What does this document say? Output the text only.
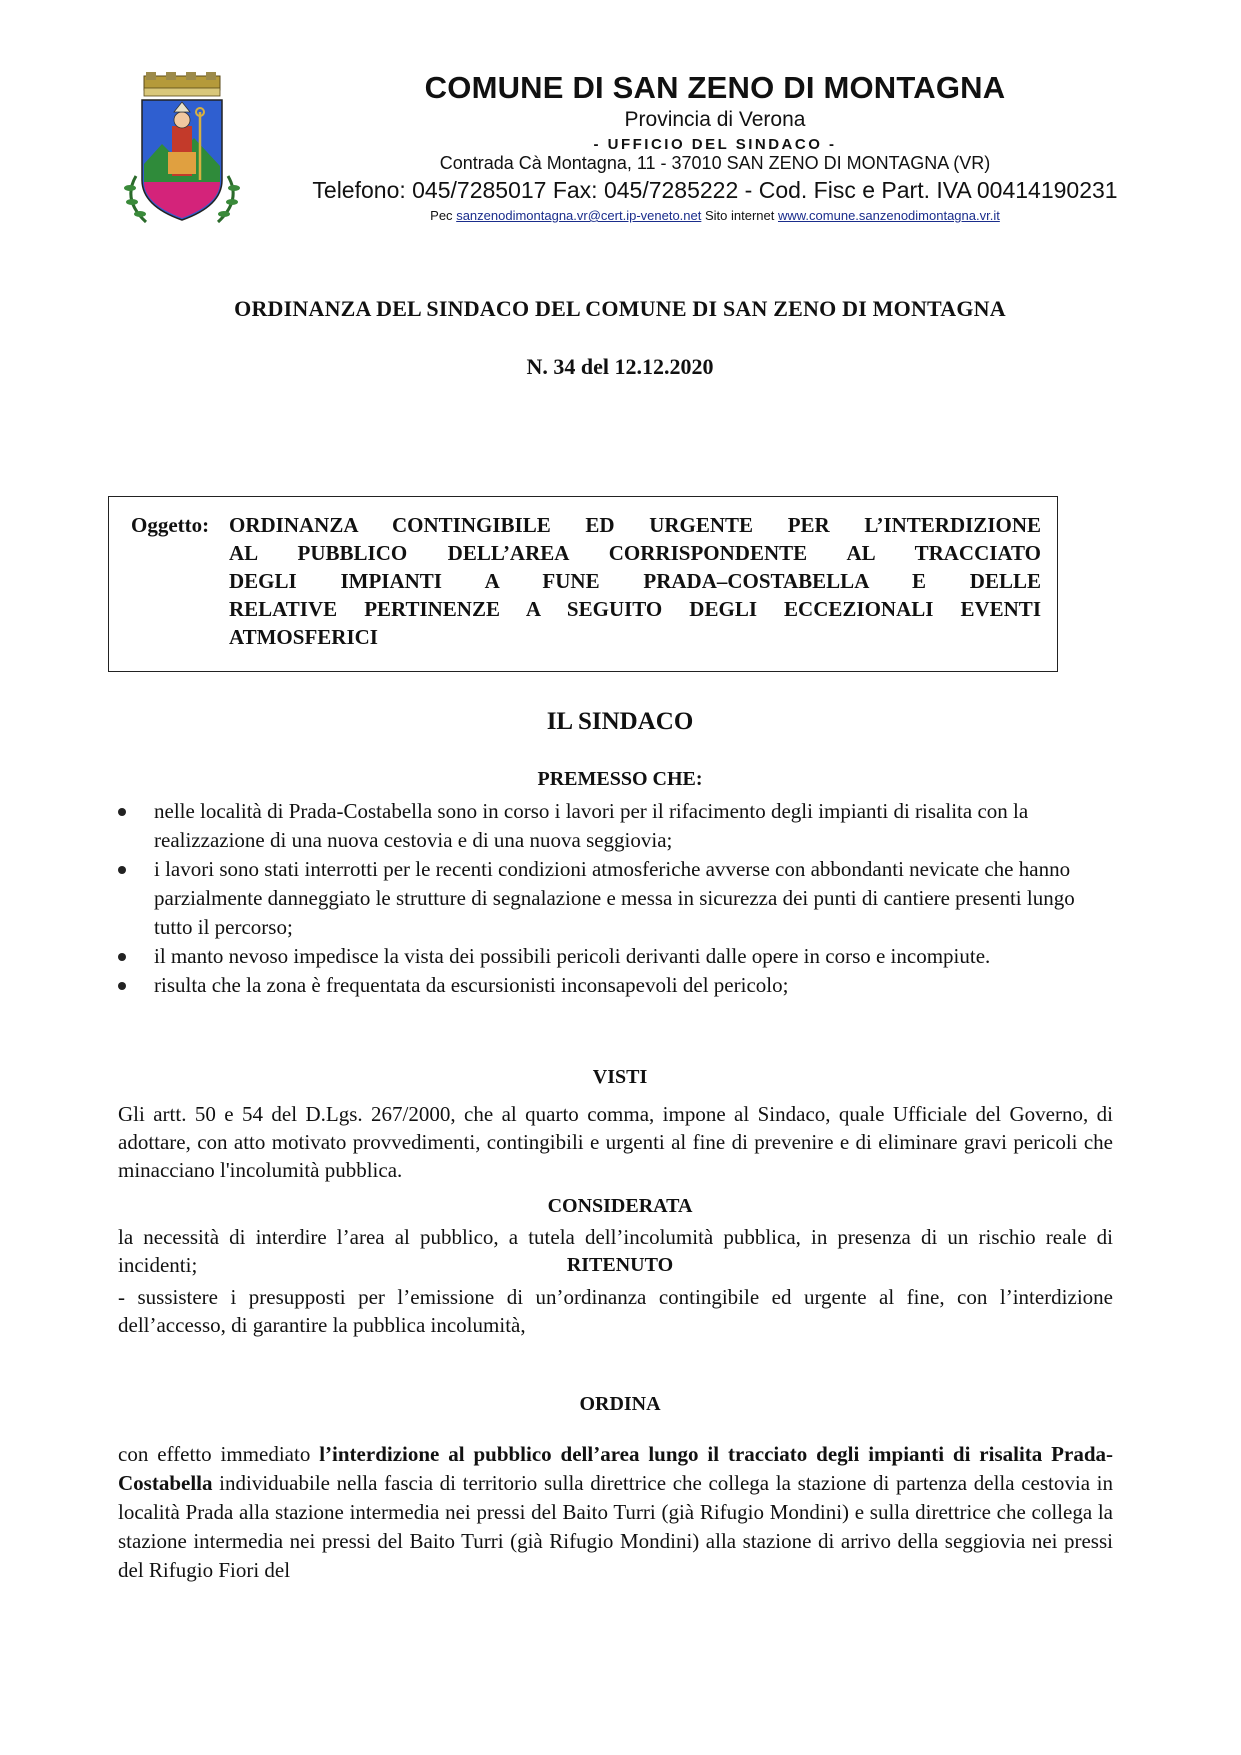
COMUNE DI SAN ZENO DI MONTAGNA
Provincia di Verona
- UFFICIO DEL SINDACO -
Contrada Cà Montagna, 11 - 37010 SAN ZENO DI MONTAGNA (VR)
Telefono: 045/7285017 Fax: 045/7285222 - Cod. Fisc e Part. IVA 00414190231
Pec sanzenodimontagna.vr@cert.ip-veneto.net Sito internet www.comune.sanzenodimontagna.vr.it
ORDINANZA DEL SINDACO DEL COMUNE DI SAN ZENO DI MONTAGNA
N. 34 del 12.12.2020
Oggetto: ORDINANZA CONTINGIBILE ED URGENTE PER L’INTERDIZIONE
AL PUBBLICO DELL’AREA CORRISPONDENTE AL TRACCIATO
DEGLI IMPIANTI A FUNE PRADA–COSTABELLA E DELLE
RELATIVE PERTINENZE A SEGUITO DEGLI ECCEZIONALI EVENTI
ATMOSFERICI
IL SINDACO
PREMESSO CHE:

nelle località di Prada-Costabella sono in corso i lavori per il rifacimento degli impianti di risalita con la realizzazione di una nuova cestovia e di una nuova seggiovia;

i lavori sono stati interrotti per le recenti condizioni atmosferiche avverse con abbondanti nevicate che hanno parzialmente danneggiato le strutture di segnalazione e messa in sicurezza dei punti di cantiere presenti lungo tutto il percorso;

il manto nevoso impedisce la vista dei possibili pericoli derivanti dalle opere in corso e incompiute.

risulta che la zona è frequentata da escursionisti inconsapevoli del pericolo;

VISTI

Gli artt. 50 e 54 del D.Lgs. 267/2000, che al quarto comma, impone al Sindaco, quale Ufficiale del Governo, di adottare, con atto motivato provvedimenti, contingibili e urgenti al fine di prevenire e di eliminare gravi pericoli che minacciano l'incolumità pubblica.

CONSIDERATA

la necessità di interdire l’area al pubblico, a tutela dell’incolumità pubblica, in presenza di un rischio reale di incidenti;	RITENUTO

- sussistere i presupposti per l’emissione di un’ordinanza contingibile ed urgente al fine, con l’interdizione dell’accesso, di garantire la pubblica incolumità,

ORDINA

con effetto immediato l’interdizione al pubblico dell’area lungo il tracciato degli impianti di risalita Prada-Costabella individuabile nella fascia di territorio sulla direttrice che collega la stazione di partenza della cestovia in località Prada alla stazione intermedia nei pressi del Baito Turri (già Rifugio Mondini) e sulla direttrice che collega la stazione intermedia nei pressi del Baito Turri (già Rifugio Mondini) alla stazione di arrivo della seggiovia nei pressi del Rifugio Fiori del
